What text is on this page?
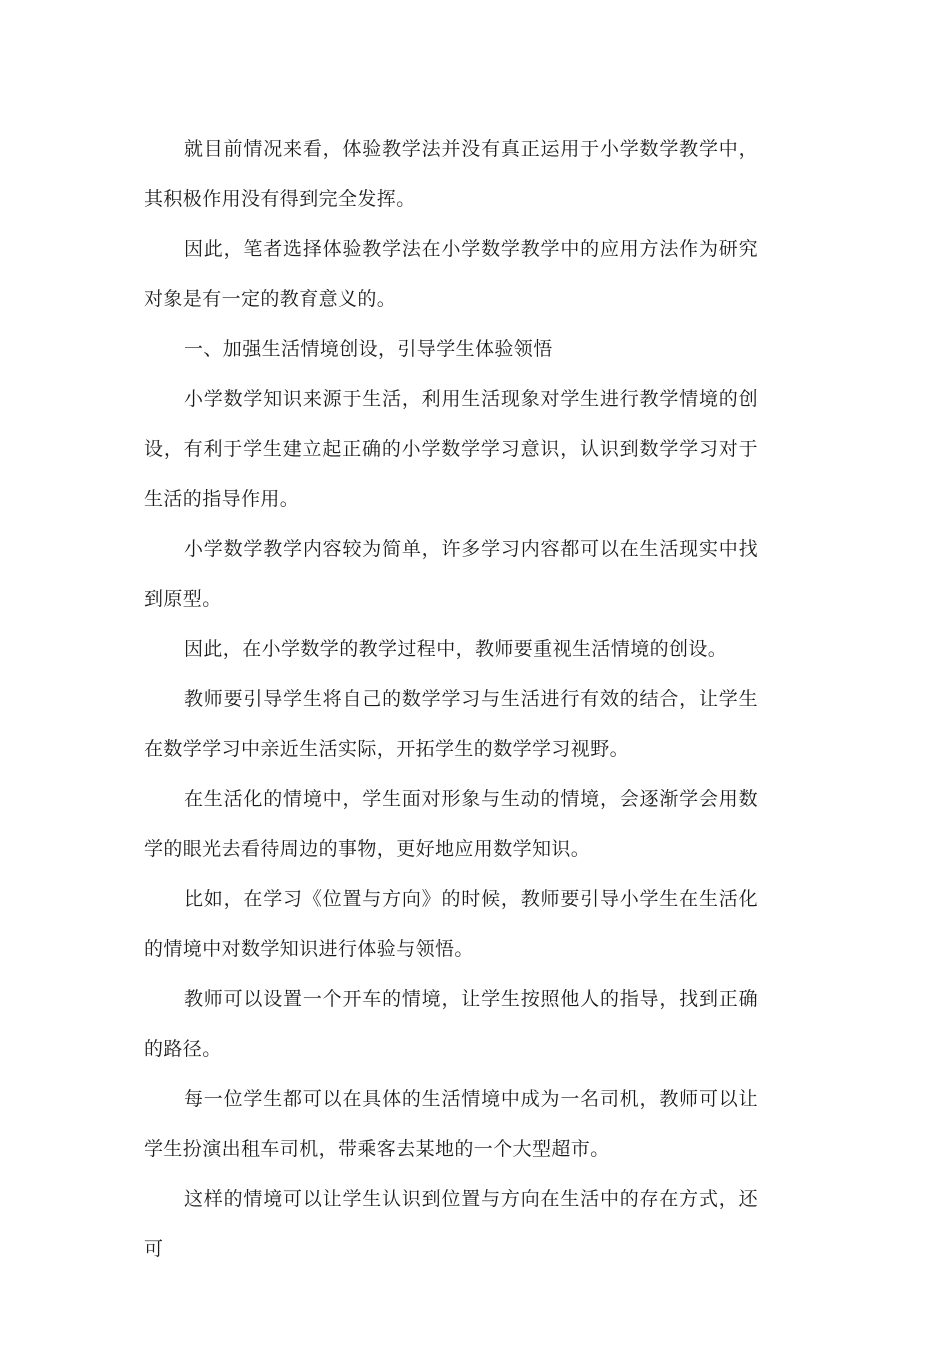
就目前情况来看，体验教学法并没有真正运用于小学数学教学中，其积极作用没有得到完全发挥。

因此，笔者选择体验教学法在小学数学教学中的应用方法作为研究对象是有一定的教育意义的。

一、加强生活情境创设，引导学生体验领悟

小学数学知识来源于生活，利用生活现象对学生进行教学情境的创设，有利于学生建立起正确的小学数学学习意识，认识到数学学习对于生活的指导作用。

小学数学教学内容较为简单，许多学习内容都可以在生活现实中找到原型。

因此，在小学数学的教学过程中，教师要重视生活情境的创设。

教师要引导学生将自己的数学学习与生活进行有效的结合，让学生在数学学习中亲近生活实际，开拓学生的数学学习视野。

在生活化的情境中，学生面对形象与生动的情境，会逐渐学会用数学的眼光去看待周边的事物，更好地应用数学知识。

比如，在学习《位置与方向》的时候，教师要引导小学生在生活化的情境中对数学知识进行体验与领悟。

教师可以设置一个开车的情境，让学生按照他人的指导，找到正确的路径。

每一位学生都可以在具体的生活情境中成为一名司机，教师可以让学生扮演出租车司机，带乘客去某地的一个大型超市。

这样的情境可以让学生认识到位置与方向在生活中的存在方式，还可
